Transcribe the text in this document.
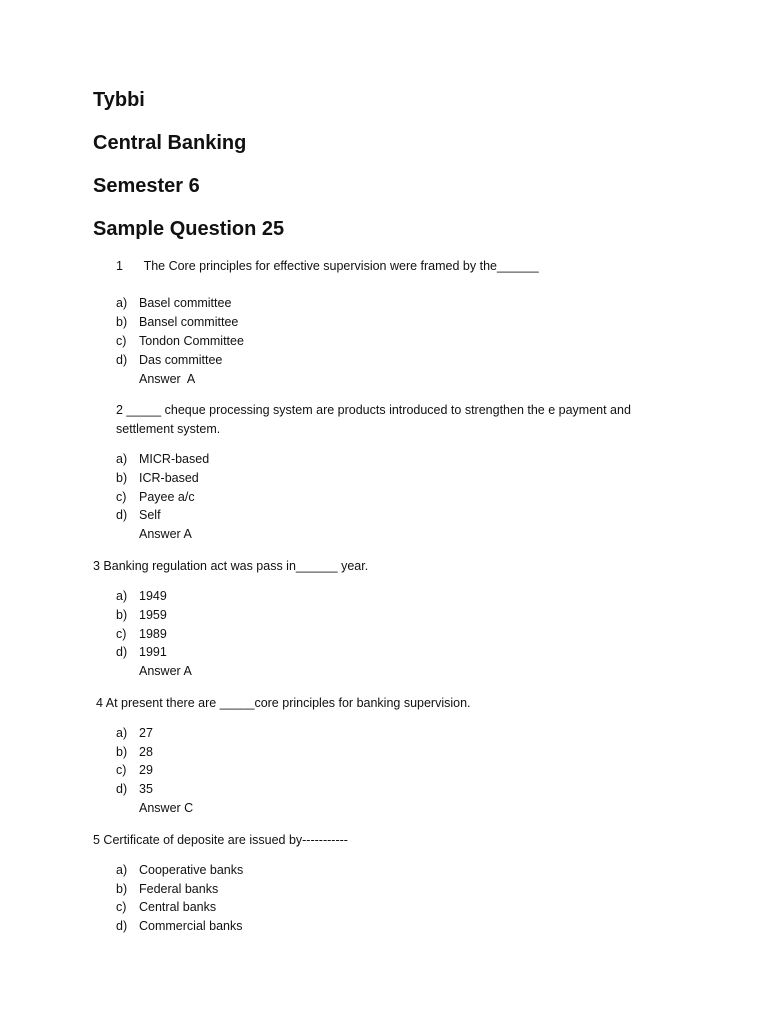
Tybbi

Central Banking

Semester 6

Sample Question 25

1      The Core principles for effective supervision were framed by the______

a) Basel committee
b) Bansel committee
c) Tondon Committee
d) Das committee
Answer  A

2 _____ cheque processing system are products introduced to strengthen the e payment and

settlement system.

a) MICR-based
b) ICR-based
c) Payee a/c
d) Self
Answer A

3 Banking regulation act was pass in______ year.

a) 1949
b) 1959
c) 1989
d) 1991
Answer A

4 At present there are _____core principles for banking supervision.

a) 27
b) 28
c) 29
d) 35
Answer C

5 Certificate of deposite are issued by-----------

a) Cooperative banks
b) Federal banks
c) Central banks
d) Commercial banks
